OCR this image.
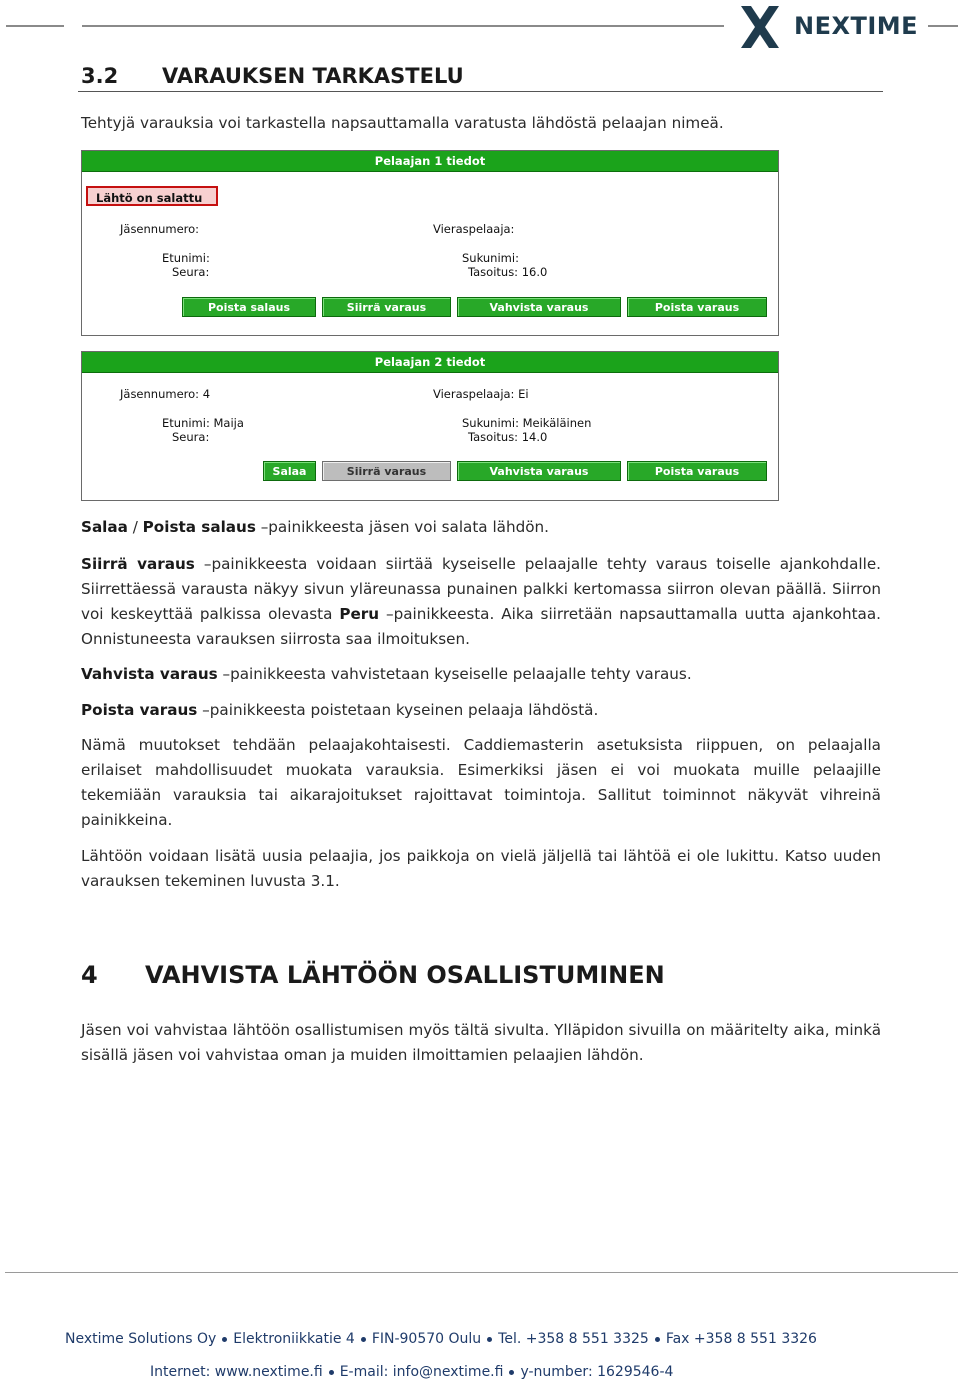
NEXTIME
3.2 VARAUKSEN TARKASTELU

Tehtyjä varauksia voi tarkastella napsauttamalla varatusta lähdöstä pelaajan nimeä.

Pelaajan 1 tiedot
Lähtö on salattu
Jäsennumero:	Vieraspelaaja:
Etunimi:	Sukunimi:
Seura:	Tasoitus: 16.0
Poista salaus	Siirrä varaus	Vahvista varaus	Poista varaus
Pelaajan 2 tiedot
Jäsennumero: 4	Vieraspelaaja: Ei
Etunimi: Maija	Sukunimi: Meikäläinen
Seura:	Tasoitus: 14.0
Salaa	Siirrä varaus	Vahvista varaus	Poista varaus

Salaa / Poista salaus –painikkeesta jäsen voi salata lähdön.

Siirrä varaus –painikkeesta voidaan siirtää kyseiselle pelaajalle tehty varaus toiselle ajankohdalle. Siirrettäessä varausta näkyy sivun yläreunassa punainen palkki kertomassa siirron olevan päällä. Siirron voi keskeyttää palkissa olevasta Peru –painikkeesta. Aika siirretään napsauttamalla uutta ajankohtaa. Onnistuneesta varauksen siirrosta saa ilmoituksen.

Vahvista varaus –painikkeesta vahvistetaan kyseiselle pelaajalle tehty varaus.

Poista varaus –painikkeesta poistetaan kyseinen pelaaja lähdöstä.

Nämä muutokset tehdään pelaajakohtaisesti. Caddiemasterin asetuksista riippuen, on pelaajalla erilaiset mahdollisuudet muokata varauksia. Esimerkiksi jäsen ei voi muokata muille pelaajille tekemiään varauksia tai aikarajoitukset rajoittavat toimintoja. Sallitut toiminnot näkyvät vihreinä painikkeina.

Lähtöön voidaan lisätä uusia pelaajia, jos paikkoja on vielä jäljellä tai lähtöä ei ole lukittu. Katso uuden varauksen tekeminen luvusta 3.1.

4 VAHVISTA LÄHTÖÖN OSALLISTUMINEN

Jäsen voi vahvistaa lähtöön osallistumisen myös tältä sivulta. Ylläpidon sivuilla on määritelty aika, minkä sisällä jäsen voi vahvistaa oman ja muiden ilmoittamien pelaajien lähdön.

Nextime Solutions Oy Elektroniikkatie 4 FIN-90570 Oulu Tel. +358 8 551 3325 Fax +358 8 551 3326
Internet: www.nextime.fi E-mail: info@nextime.fi y-number: 1629546-4
